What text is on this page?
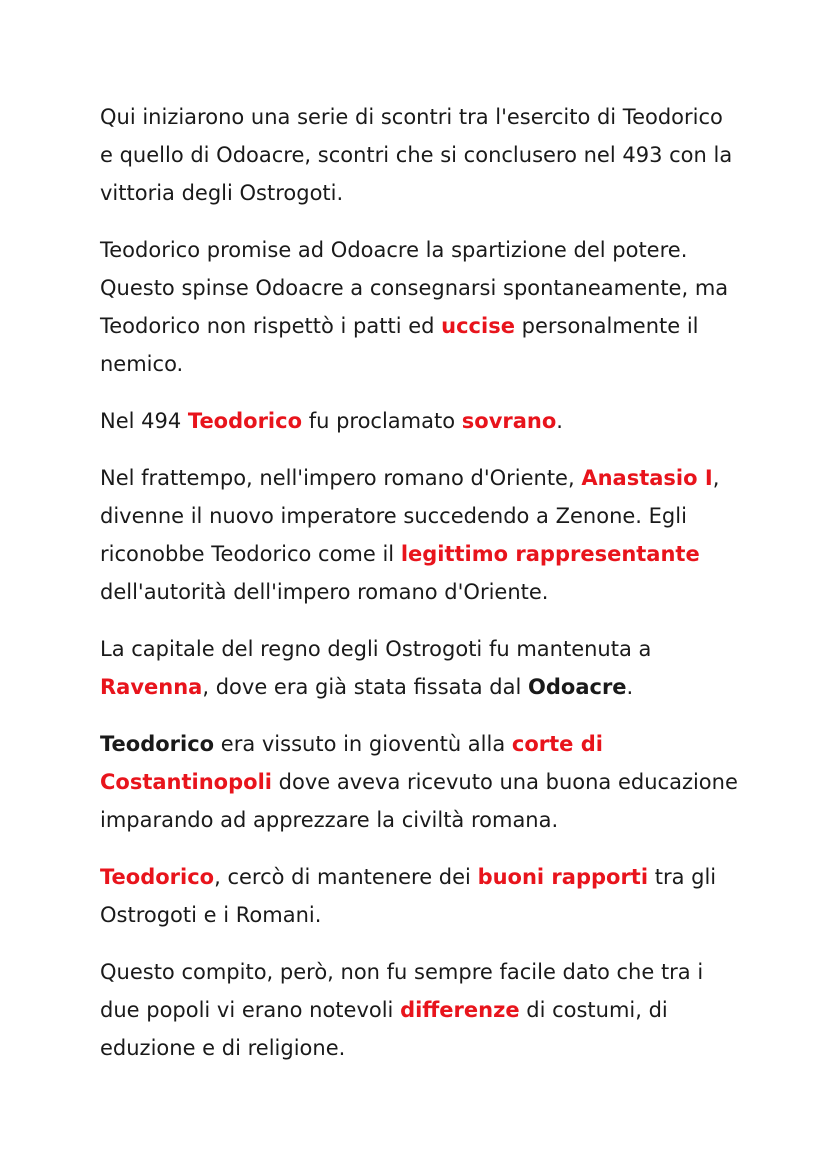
Qui iniziarono una serie di scontri tra l'esercito di Teodorico e quello di Odoacre, scontri che si conclusero nel 493 con la vittoria degli Ostrogoti.

Teodorico promise ad Odoacre la spartizione del potere. Questo spinse Odoacre a consegnarsi spontaneamente, ma Teodorico non rispettò i patti ed uccise personalmente il nemico.

Nel 494 Teodorico fu proclamato sovrano.

Nel frattempo, nell'impero romano d'Oriente, Anastasio I, divenne il nuovo imperatore succedendo a Zenone. Egli riconobbe Teodorico come il legittimo rappresentante dell'autorità dell'impero romano d'Oriente.

La capitale del regno degli Ostrogoti fu mantenuta a Ravenna, dove era già stata fissata dal Odoacre.

Teodorico era vissuto in gioventù alla corte di Costantinopoli dove aveva ricevuto una buona educazione imparando ad apprezzare la civiltà romana.

Teodorico, cercò di mantenere dei buoni rapporti tra gli Ostrogoti e i Romani.

Questo compito, però, non fu sempre facile dato che tra i due popoli vi erano notevoli differenze di costumi, di eduzione e di religione.
